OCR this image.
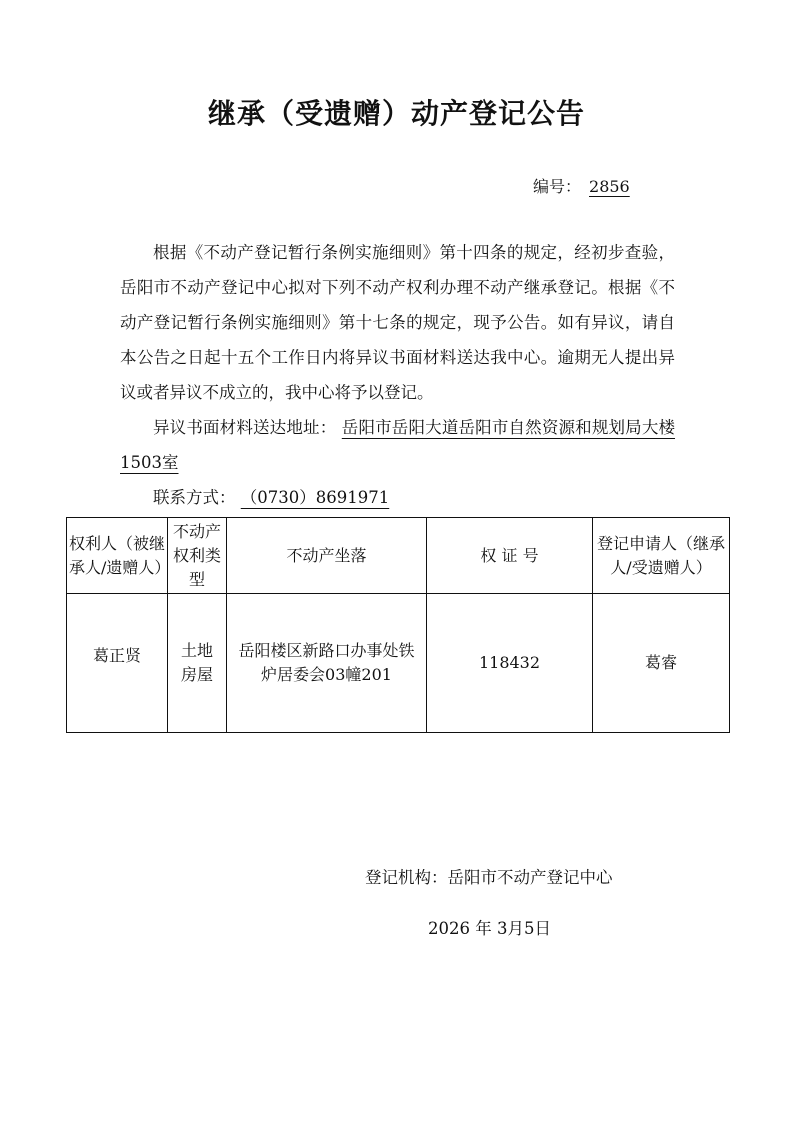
继承（受遗赠）动产登记公告
编号： 2856

根据《不动产登记暂行条例实施细则》第十四条的规定，经初步查验，岳阳市不动产登记中心拟对下列不动产权利办理不动产继承登记。根据《不动产登记暂行条例实施细则》第十七条的规定，现予公告。如有异议，请自本公告之日起十五个工作日内将异议书面材料送达我中心。逾期无人提出异议或者异议不成立的，我中心将予以登记。

异议书面材料送达地址： 岳阳市岳阳大道岳阳市自然资源和规划局大楼1503室

联系方式： （0730）8691971

权利人（被继承人/遗赠人）	不动产权利类型	不动产坐落	权 证 号	登记申请人（继承人/受遗赠人）
葛正贤	土地房屋	岳阳楼区新路口办事处铁炉居委会03幢201	118432	葛睿
登记机构：岳阳市不动产登记中心
2026 年 3月5日
